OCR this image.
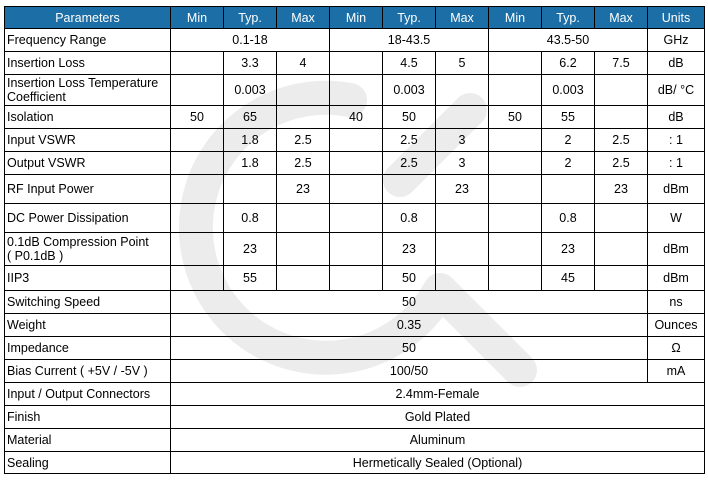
Parameters	Min	Typ.	Max	Min	Typ.	Max	Min	Typ.	Max	Units
Frequency Range	0.1-18			18-43.5			43.5-50			GHz
Insertion Loss		3.3	4		4.5	5		6.2	7.5	dB
Insertion Loss Temperature Coefficient		0.003			0.003			0.003		dB/ °C
Isolation	50	65		40	50		50	55		dB
Input VSWR		1.8	2.5		2.5	3		2	2.5	: 1
Output VSWR		1.8	2.5		2.5	3		2	2.5	: 1
RF Input Power			23			23			23	dBm
DC Power Dissipation		0.8			0.8			0.8		W
0.1dB Compression Point
( P0.1dB )		23			23			23		dBm
IIP3		55			50			45		dBm
Switching Speed	50									ns
Weight	0.35									Ounces
Impedance	50									Ω
Bias Current ( +5V / -5V )	100/50									mA
Input / Output Connectors	2.4mm-Female									
Finish	Gold Plated									
Material	Aluminum									
Sealing	Hermetically Sealed (Optional)									
